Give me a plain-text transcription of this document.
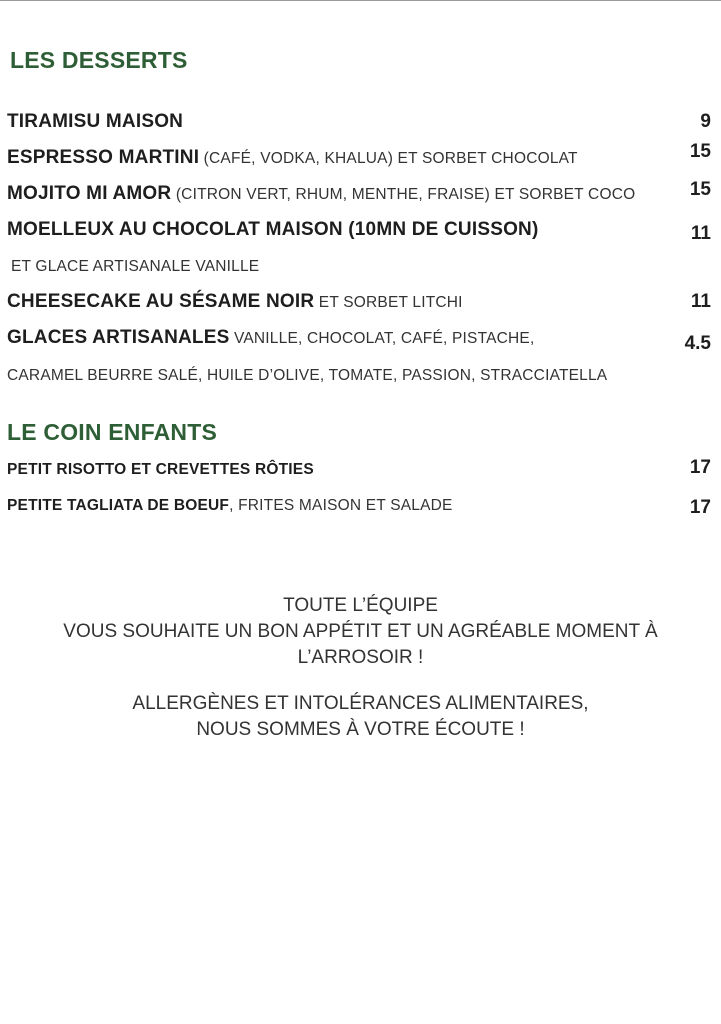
LES DESSERTS
TIRAMISU MAISON	9
ESPRESSO MARTINI (CAFÉ, VODKA, KHALUA) ET SORBET CHOCOLAT	15
MOJITO MI AMOR (CITRON VERT, RHUM, MENTHE, FRAISE) ET SORBET COCO	15
MOELLEUX AU CHOCOLAT MAISON (10MN DE CUISSON)	11
ET GLACE ARTISANALE VANILLE
CHEESECAKE AU SÉSAME NOIR ET SORBET LITCHI	11
GLACES ARTISANALES VANILLE, CHOCOLAT, CAFÉ, PISTACHE,	4.5
CARAMEL BEURRE SALÉ, HUILE D’OLIVE, TOMATE, PASSION, STRACCIATELLA
LE COIN ENFANTS
PETIT RISOTTO ET CREVETTES RÔTIES	17
PETITE TAGLIATA DE BOEUF, FRITES MAISON ET SALADE	17
TOUTE L’ÉQUIPE
VOUS SOUHAITE UN BON APPÉTIT ET UN AGRÉABLE MOMENT À
L’ARROSOIR !
ALLERGÈNES ET INTOLÉRANCES ALIMENTAIRES,
NOUS SOMMES À VOTRE ÉCOUTE !
